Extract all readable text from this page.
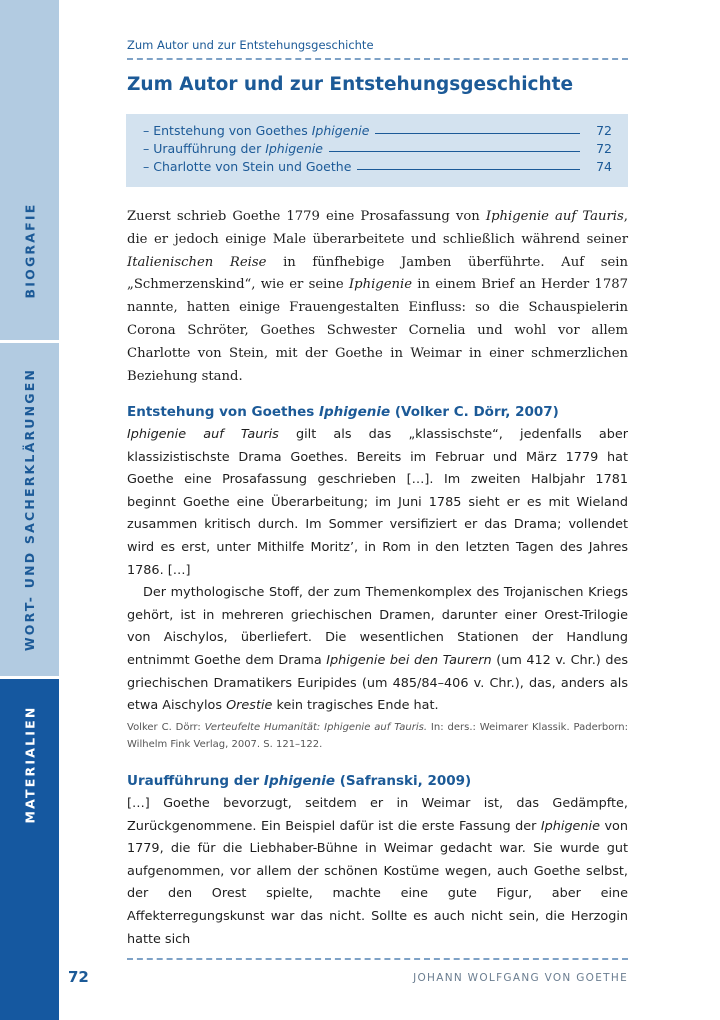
BIOGRAFIE
WORT- UND SACHERKLÄRUNGEN
MATERIALIEN
Zum Autor und zur Entstehungsgeschichte
Zum Autor und zur Entstehungsgeschichte
– Entstehung von Goethes Iphigenie	72
– Uraufführung der Iphigenie	72
– Charlotte von Stein und Goethe	74

Zuerst schrieb Goethe 1779 eine Prosafassung von Iphigenie auf Tauris, die er jedoch einige Male überarbeitete und schließlich während seiner Italienischen Reise in fünfhebige Jamben überführte. Auf sein „Schmerzenskind“, wie er seine Iphigenie in einem Brief an Herder 1787 nannte, hatten einige Frauengestalten Einfluss: so die Schauspielerin Corona Schröter, Goethes Schwester Cornelia und wohl vor allem Charlotte von Stein, mit der Goethe in Weimar in einer schmerzlichen Beziehung stand.

Entstehung von Goethes Iphigenie (Volker C. Dörr, 2007)

Iphigenie auf Tauris gilt als das „klassischste“, jedenfalls aber klassizistischste Drama Goethes. Bereits im Februar und März 1779 hat Goethe eine Prosafassung geschrieben […]. Im zweiten Halbjahr 1781 beginnt Goethe eine Überarbeitung; im Juni 1785 sieht er es mit Wieland zusammen kritisch durch. Im Sommer versifiziert er das Drama; vollendet wird es erst, unter Mithilfe Moritz’, in Rom in den letzten Tagen des Jahres 1786. […]

Der mythologische Stoff, der zum Themenkomplex des Trojanischen Kriegs gehört, ist in mehreren griechischen Dramen, darunter einer Orest-Trilogie von Aischylos, überliefert. Die wesentlichen Stationen der Handlung entnimmt Goethe dem Drama Iphigenie bei den Taurern (um 412 v. Chr.) des griechischen Dramatikers Euripides (um 485/84–406 v. Chr.), das, anders als etwa Aischylos Orestie kein tragisches Ende hat.

Volker C. Dörr: Verteufelte Humanität: Iphigenie auf Tauris. In: ders.: Weimarer Klassik. Paderborn: Wilhelm Fink Verlag, 2007. S. 121–122.

Uraufführung der Iphigenie (Safranski, 2009)

[…] Goethe bevorzugt, seitdem er in Weimar ist, das Gedämpfte, Zurückgenommene. Ein Beispiel dafür ist die erste Fassung der Iphigenie von 1779, die für die Liebhaber-Bühne in Weimar gedacht war. Sie wurde gut aufgenommen, vor allem der schönen Kostüme wegen, auch Goethe selbst, der den Orest spielte, machte eine gute Figur, aber eine Affekterregungskunst war das nicht. Sollte es auch nicht sein, die Herzogin hatte sich

72	JOHANN WOLFGANG VON GOETHE
